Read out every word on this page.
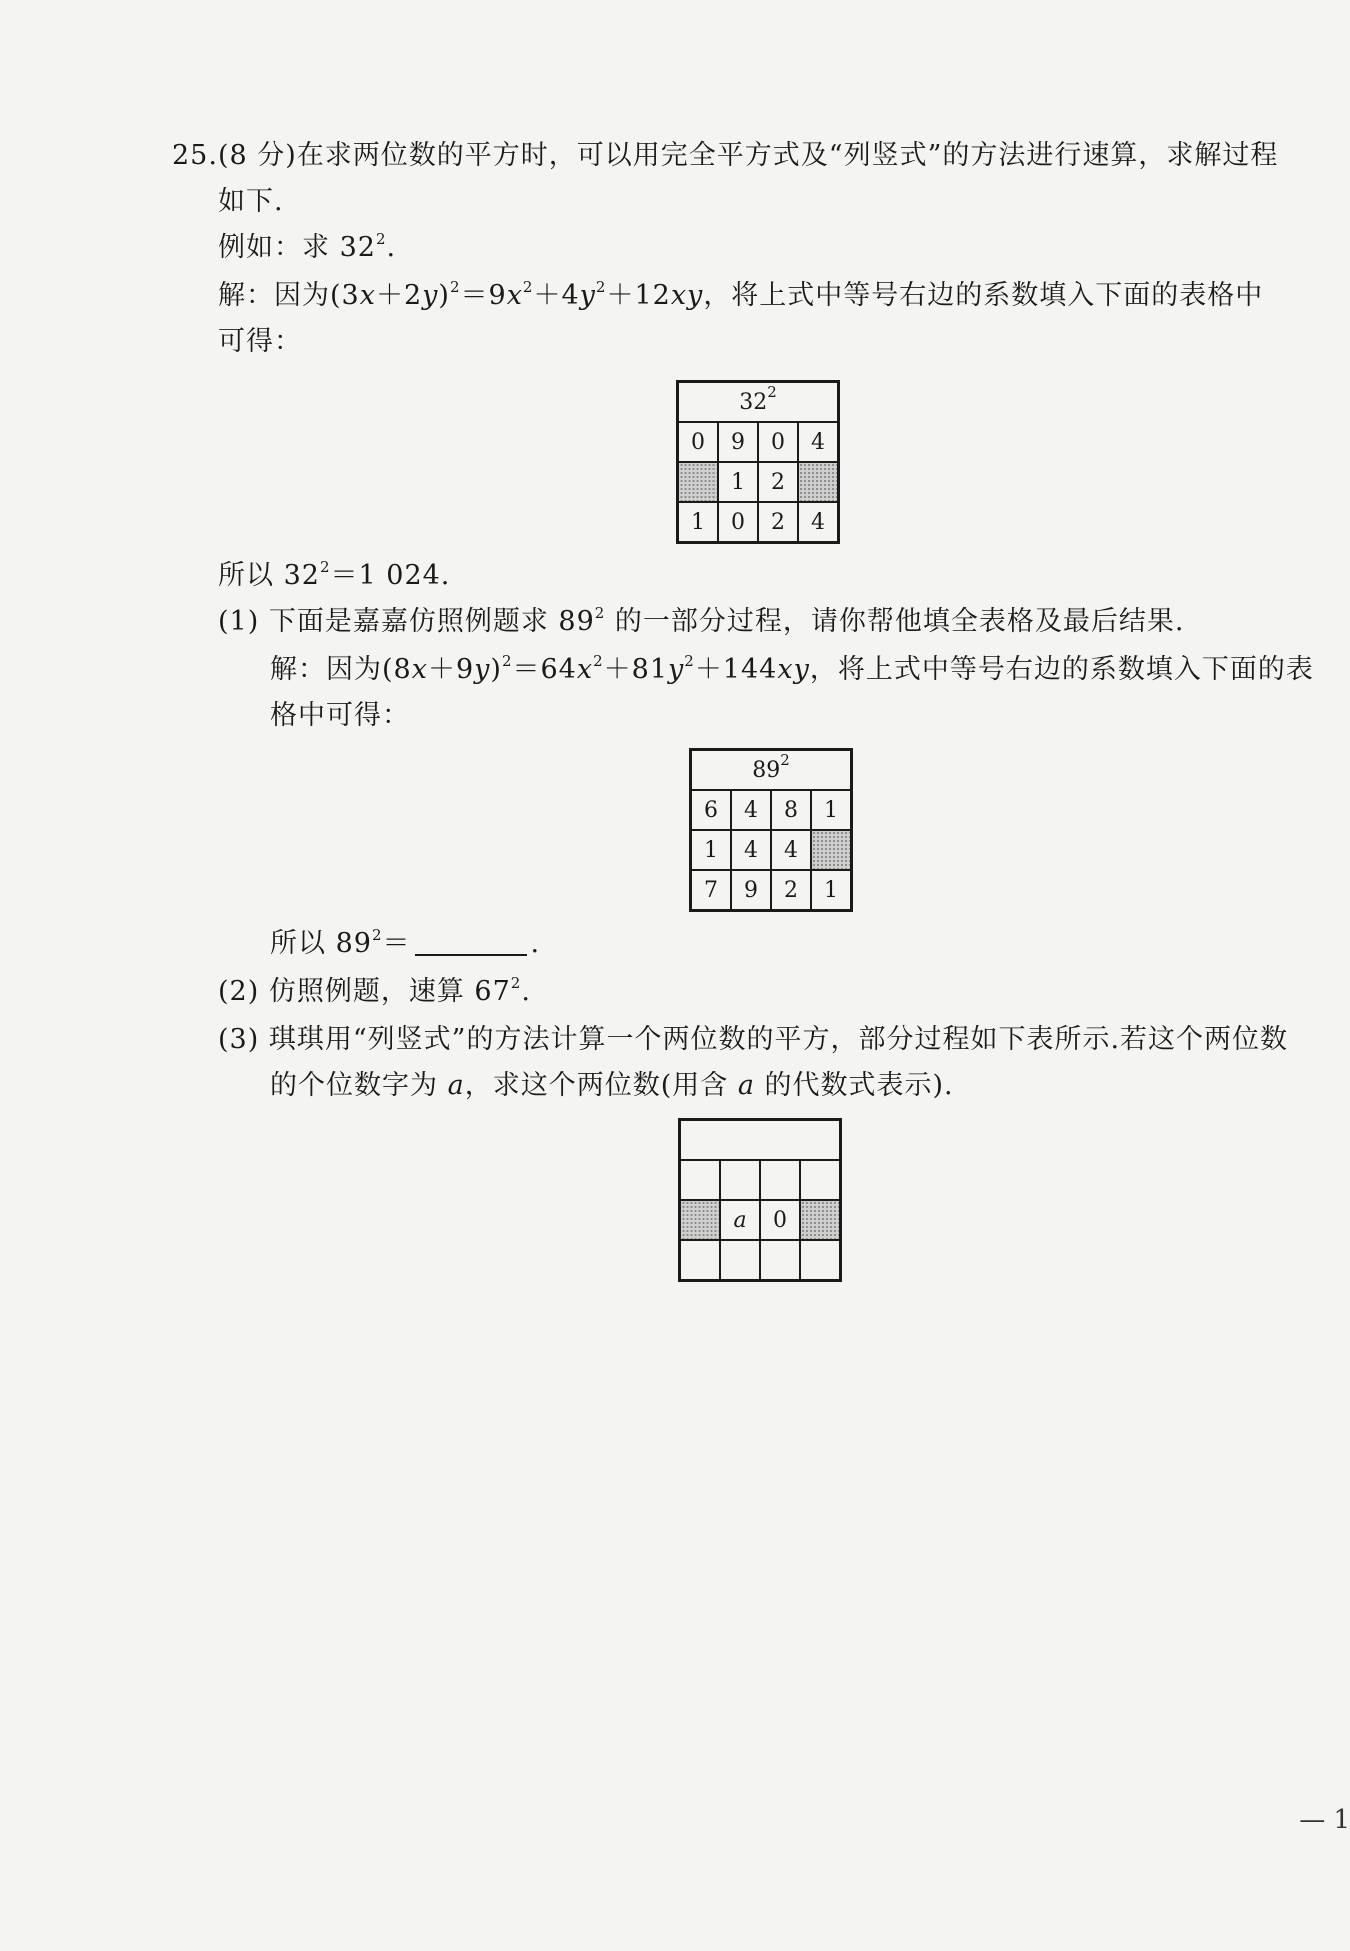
25.(8 分)在求两位数的平方时，可以用完全平方式及“列竖式”的方法进行速算，求解过程
如下.
例如：求 $32^2$.
解：因为$(3x+2y)^2=9x^2+4y^2+12xy$，将上式中等号右边的系数填入下面的表格中
可得：
$32^2$
0	9	0	4
	1	2	
1	0	2	4
所以 $32^2=1$ 024.
(1) 下面是嘉嘉仿照例题求 $89^2$ 的一部分过程，请你帮他填全表格及最后结果.
解：因为$(8x+9y)^2=64x^2+81y^2+144xy$，将上式中等号右边的系数填入下面的表
格中可得：
$89^2$
6	4	8	1
1	4	4	
7	9	2	1
所以 $89^2=$	.
(2) 仿照例题，速算 $67^2$.
(3) 琪琪用“列竖式”的方法计算一个两位数的平方，部分过程如下表所示.若这个两位数
的个位数字为 a，求这个两位数(用含 a 的代数式表示).

	a	0	

— 1
